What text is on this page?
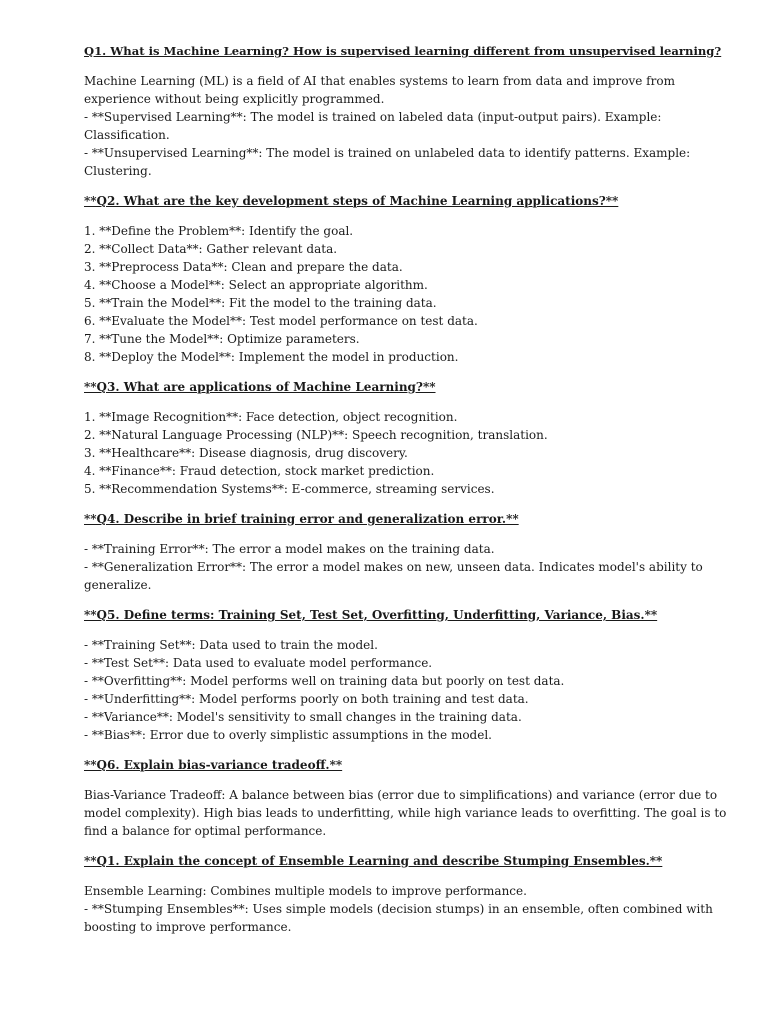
Q1. What is Machine Learning? How is supervised learning different from unsupervised learning?
Machine Learning (ML) is a field of AI that enables systems to learn from data and improve from experience without being explicitly programmed.
- **Supervised Learning**: The model is trained on labeled data (input-output pairs). Example: Classification.
- **Unsupervised Learning**: The model is trained on unlabeled data to identify patterns. Example: Clustering.
**Q2. What are the key development steps of Machine Learning applications?**
1. **Define the Problem**: Identify the goal.
2. **Collect Data**: Gather relevant data.
3. **Preprocess Data**: Clean and prepare the data.
4. **Choose a Model**: Select an appropriate algorithm.
5. **Train the Model**: Fit the model to the training data.
6. **Evaluate the Model**: Test model performance on test data.
7. **Tune the Model**: Optimize parameters.
8. **Deploy the Model**: Implement the model in production.
**Q3. What are applications of Machine Learning?**
1. **Image Recognition**: Face detection, object recognition.
2. **Natural Language Processing (NLP)**: Speech recognition, translation.
3. **Healthcare**: Disease diagnosis, drug discovery.
4. **Finance**: Fraud detection, stock market prediction.
5. **Recommendation Systems**: E-commerce, streaming services.
**Q4. Describe in brief training error and generalization error.**
- **Training Error**: The error a model makes on the training data.
- **Generalization Error**: The error a model makes on new, unseen data. Indicates model's ability to generalize.
**Q5. Define terms: Training Set, Test Set, Overfitting, Underfitting, Variance, Bias.**
- **Training Set**: Data used to train the model.
- **Test Set**: Data used to evaluate model performance.
- **Overfitting**: Model performs well on training data but poorly on test data.
- **Underfitting**: Model performs poorly on both training and test data.
- **Variance**: Model's sensitivity to small changes in the training data.
- **Bias**: Error due to overly simplistic assumptions in the model.
**Q6. Explain bias-variance tradeoff.**
Bias-Variance Tradeoff: A balance between bias (error due to simplifications) and variance (error due to model complexity). High bias leads to underfitting, while high variance leads to overfitting. The goal is to find a balance for optimal performance.
**Q1. Explain the concept of Ensemble Learning and describe Stumping Ensembles.**
Ensemble Learning: Combines multiple models to improve performance.
- **Stumping Ensembles**: Uses simple models (decision stumps) in an ensemble, often combined with boosting to improve performance.
